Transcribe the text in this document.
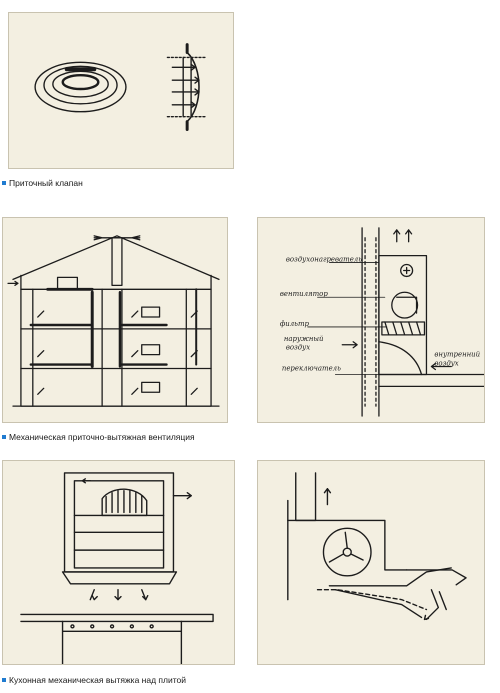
Приточный клапан
Механическая приточно-вытяжная вентиляция
воздухонагреватель
вентилятор
фильтр
наружный
воздух
переключатель
внутренний
воздух
Кухонная механическая вытяжка над плитой
